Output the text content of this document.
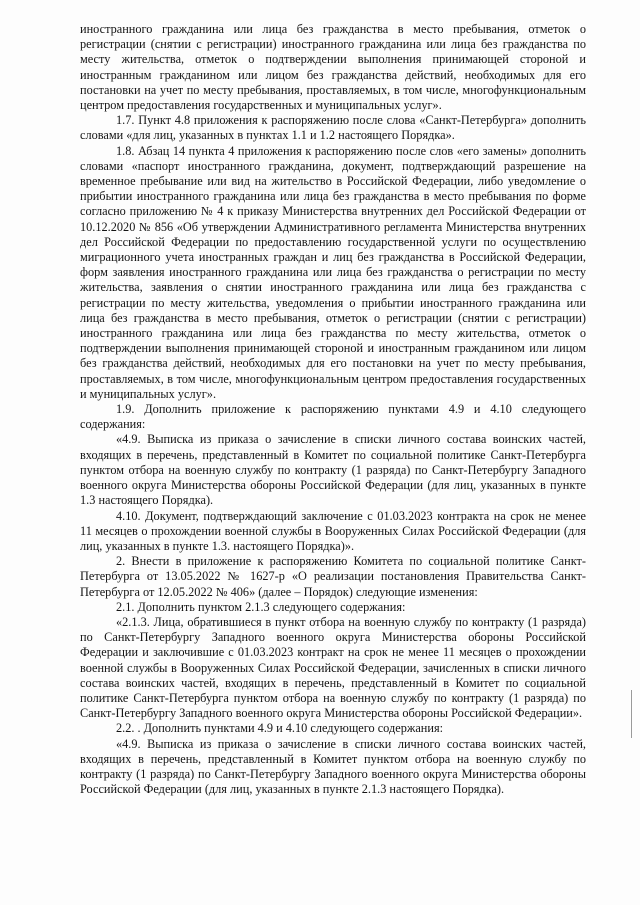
иностранного гражданина или лица без гражданства в место пребывания, отметок о регистрации (снятии с регистрации) иностранного гражданина или лица без гражданства по месту жительства, отметок о подтверждении выполнения принимающей стороной и иностранным гражданином или лицом без гражданства действий, необходимых для его постановки на учет по месту пребывания, проставляемых, в том числе, многофункциональным центром предоставления государственных и муниципальных услуг».

1.7. Пункт 4.8 приложения к распоряжению после слова «Санкт-Петербурга» дополнить словами «для лиц, указанных в пунктах 1.1 и 1.2 настоящего Порядка».

1.8. Абзац 14 пункта 4 приложения к распоряжению после слов «его замены» дополнить словами «паспорт иностранного гражданина, документ, подтверждающий разрешение на временное пребывание или вид на жительство в Российской Федерации, либо уведомление о прибытии иностранного гражданина или лица без гражданства в место пребывания по форме согласно приложению № 4 к приказу Министерства внутренних дел Российской Федерации от 10.12.2020 № 856 «Об утверждении Административного регламента Министерства внутренних дел Российской Федерации по предоставлению государственной услуги по осуществлению миграционного учета иностранных граждан и лиц без гражданства в Российской Федерации, форм заявления иностранного гражданина или лица без гражданства о регистрации по месту жительства, заявления о снятии иностранного гражданина или лица без гражданства с регистрации по месту жительства, уведомления о прибытии иностранного гражданина или лица без гражданства в место пребывания, отметок о регистрации (снятии с регистрации) иностранного гражданина или лица без гражданства по месту жительства, отметок о подтверждении выполнения принимающей стороной и иностранным гражданином или лицом без гражданства действий, необходимых для его постановки на учет по месту пребывания, проставляемых, в том числе, многофункциональным центром предоставления государственных и муниципальных услуг».

1.9. Дополнить приложение к распоряжению пунктами 4.9 и 4.10 следующего содержания:

«4.9. Выписка из приказа о зачисление в списки личного состава воинских частей, входящих в перечень, представленный в Комитет по социальной политике Санкт-Петербурга пунктом отбора на военную службу по контракту (1 разряда) по Санкт-Петербургу Западного военного округа Министерства обороны Российской Федерации (для лиц, указанных в пункте 1.3 настоящего Порядка).

4.10. Документ, подтверждающий заключение с 01.03.2023 контракта на срок не менее 11 месяцев о прохождении военной службы в Вооруженных Силах Российской Федерации (для лиц, указанных в пункте 1.3. настоящего Порядка)».

2. Внести в приложение к распоряжению Комитета по социальной политике Санкт-Петербурга от 13.05.2022 № 1627-р «О реализации постановления Правительства Санкт-Петербурга от 12.05.2022 № 406» (далее – Порядок) следующие изменения:

2.1. Дополнить пунктом 2.1.3 следующего содержания:

«2.1.3. Лица, обратившиеся в пункт отбора на военную службу по контракту (1 разряда) по Санкт-Петербургу Западного военного округа Министерства обороны Российской Федерации и заключившие с 01.03.2023 контракт на срок не менее 11 месяцев о прохождении военной службы в Вооруженных Силах Российской Федерации, зачисленных в списки личного состава воинских частей, входящих в перечень, представленный в Комитет по социальной политике Санкт-Петербурга пунктом отбора на военную службу по контракту (1 разряда) по Санкт-Петербургу Западного военного округа Министерства обороны Российской Федерации».

2.2. . Дополнить пунктами 4.9 и 4.10 следующего содержания:

«4.9. Выписка из приказа о зачисление в списки личного состава воинских частей, входящих в перечень, представленный в Комитет пунктом отбора на военную службу по контракту (1 разряда) по Санкт-Петербургу Западного военного округа Министерства обороны Российской Федерации (для лиц, указанных в пункте 2.1.3 настоящего Порядка).
